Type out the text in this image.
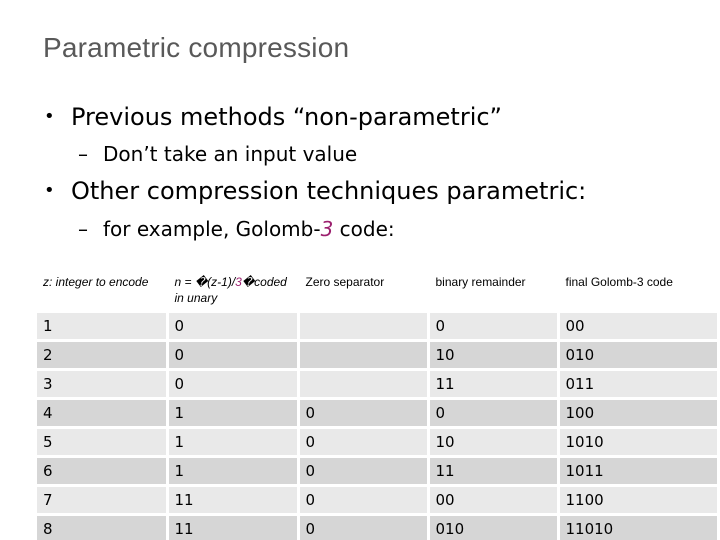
Parametric compression
• Previous methods “non-parametric”
– Don’t take an input value
• Other compression techniques parametric:
– for example, Golomb-3 code:
z: integer to encode	n = �(z-1)/3�coded in unary	Zero separator	binary remainder	final Golomb-3 code
1	0		0	00
2	0		10	010
3	0		11	011
4	1	0	0	100
5	1	0	10	1010
6	1	0	11	1011
7	11	0	00	1100
8	11	0	010	11010
